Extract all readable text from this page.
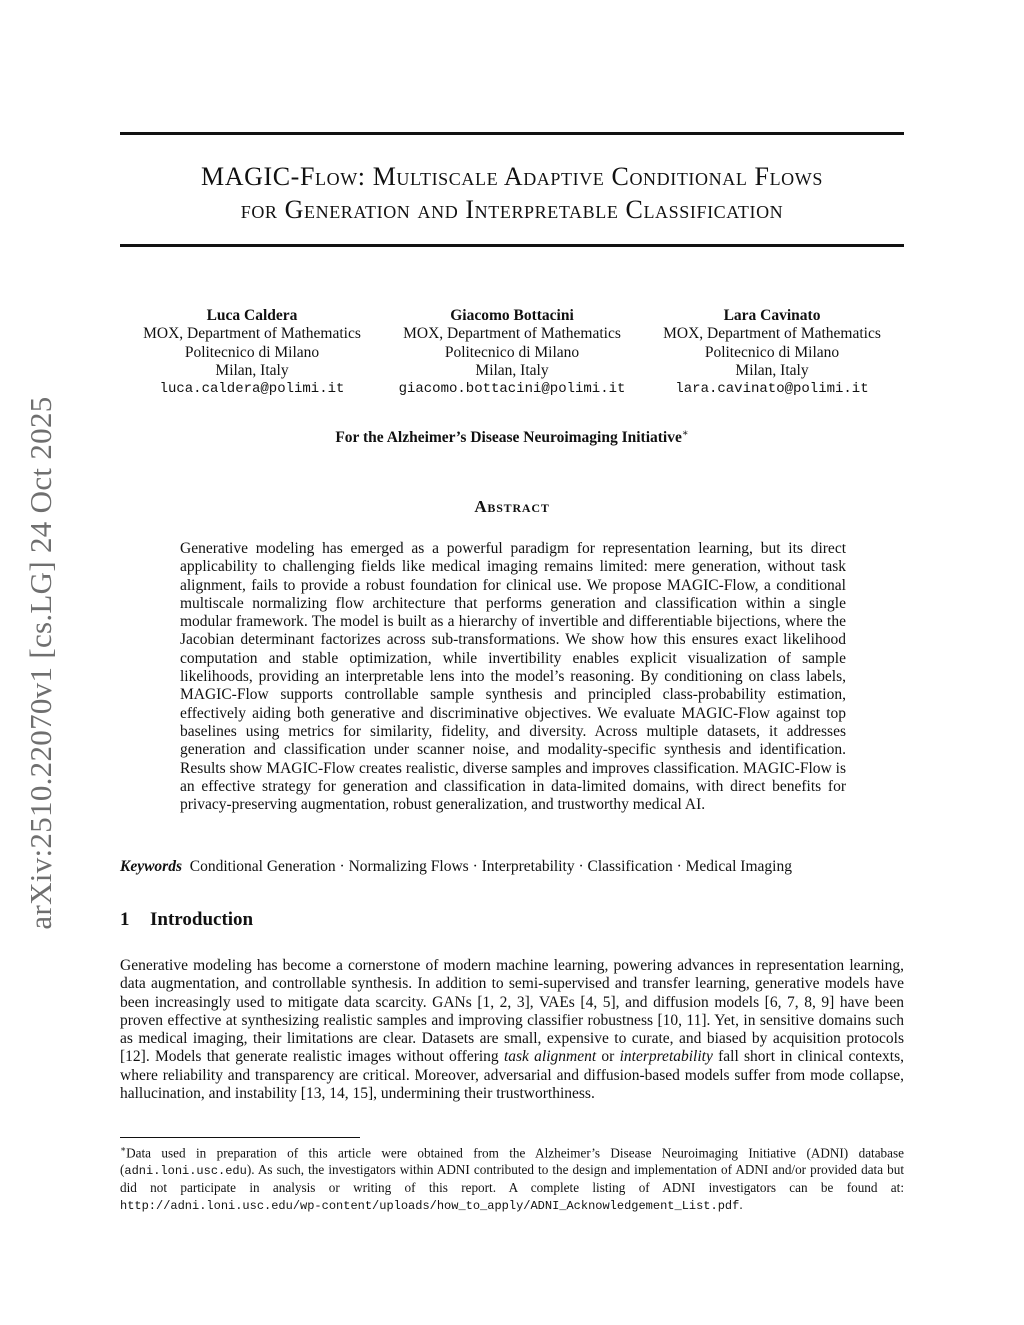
arXiv:2510.22070v1 [cs.LG] 24 Oct 2025
MAGIC-Flow: Multiscale Adaptive Conditional Flows
for Generation and Interpretable Classification
Luca Caldera
MOX, Department of Mathematics
Politecnico di Milano
Milan, Italy
luca.caldera@polimi.it
Giacomo Bottacini
MOX, Department of Mathematics
Politecnico di Milano
Milan, Italy
giacomo.bottacini@polimi.it
Lara Cavinato
MOX, Department of Mathematics
Politecnico di Milano
Milan, Italy
lara.cavinato@polimi.it
For the Alzheimer’s Disease Neuroimaging Initiative∗
Abstract
Generative modeling has emerged as a powerful paradigm for representation learning, but its direct applicability to challenging fields like medical imaging remains limited: mere generation, without task alignment, fails to provide a robust foundation for clinical use. We propose MAGIC-Flow, a conditional multiscale normalizing flow architecture that performs generation and classification within a single modular framework. The model is built as a hierarchy of invertible and differentiable bijections, where the Jacobian determinant factorizes across sub-transformations. We show how this ensures exact likelihood computation and stable optimization, while invertibility enables explicit visualization of sample likelihoods, providing an interpretable lens into the model’s reasoning. By conditioning on class labels, MAGIC-Flow supports controllable sample synthesis and principled class-probability estimation, effectively aiding both generative and discriminative objectives. We evaluate MAGIC-Flow against top baselines using metrics for similarity, fidelity, and diversity. Across multiple datasets, it addresses generation and classification under scanner noise, and modality-specific synthesis and identification. Results show MAGIC-Flow creates realistic, diverse samples and improves classification. MAGIC-Flow is an effective strategy for generation and classification in data-limited domains, with direct benefits for privacy-preserving augmentation, robust generalization, and trustworthy medical AI.
Keywords Conditional Generation · Normalizing Flows · Interpretability · Classification · Medical Imaging
1 Introduction
Generative modeling has become a cornerstone of modern machine learning, powering advances in representation learning, data augmentation, and controllable synthesis. In addition to semi-supervised and transfer learning, generative models have been increasingly used to mitigate data scarcity. GANs [1, 2, 3], VAEs [4, 5], and diffusion models [6, 7, 8, 9] have been proven effective at synthesizing realistic samples and improving classifier robustness [10, 11]. Yet, in sensitive domains such as medical imaging, their limitations are clear. Datasets are small, expensive to curate, and biased by acquisition protocols [12]. Models that generate realistic images without offering task alignment or interpretability fall short in clinical contexts, where reliability and transparency are critical. Moreover, adversarial and diffusion-based models suffer from mode collapse, hallucination, and instability [13, 14, 15], undermining their trustworthiness.
∗Data used in preparation of this article were obtained from the Alzheimer’s Disease Neuroimaging Initiative (ADNI) database (adni.loni.usc.edu). As such, the investigators within ADNI contributed to the design and implementation of ADNI and/or provided data but did not participate in analysis or writing of this report. A complete listing of ADNI investigators can be found at: http://adni.loni.usc.edu/wp-content/uploads/how_to_apply/ADNI_Acknowledgement_List.pdf.
